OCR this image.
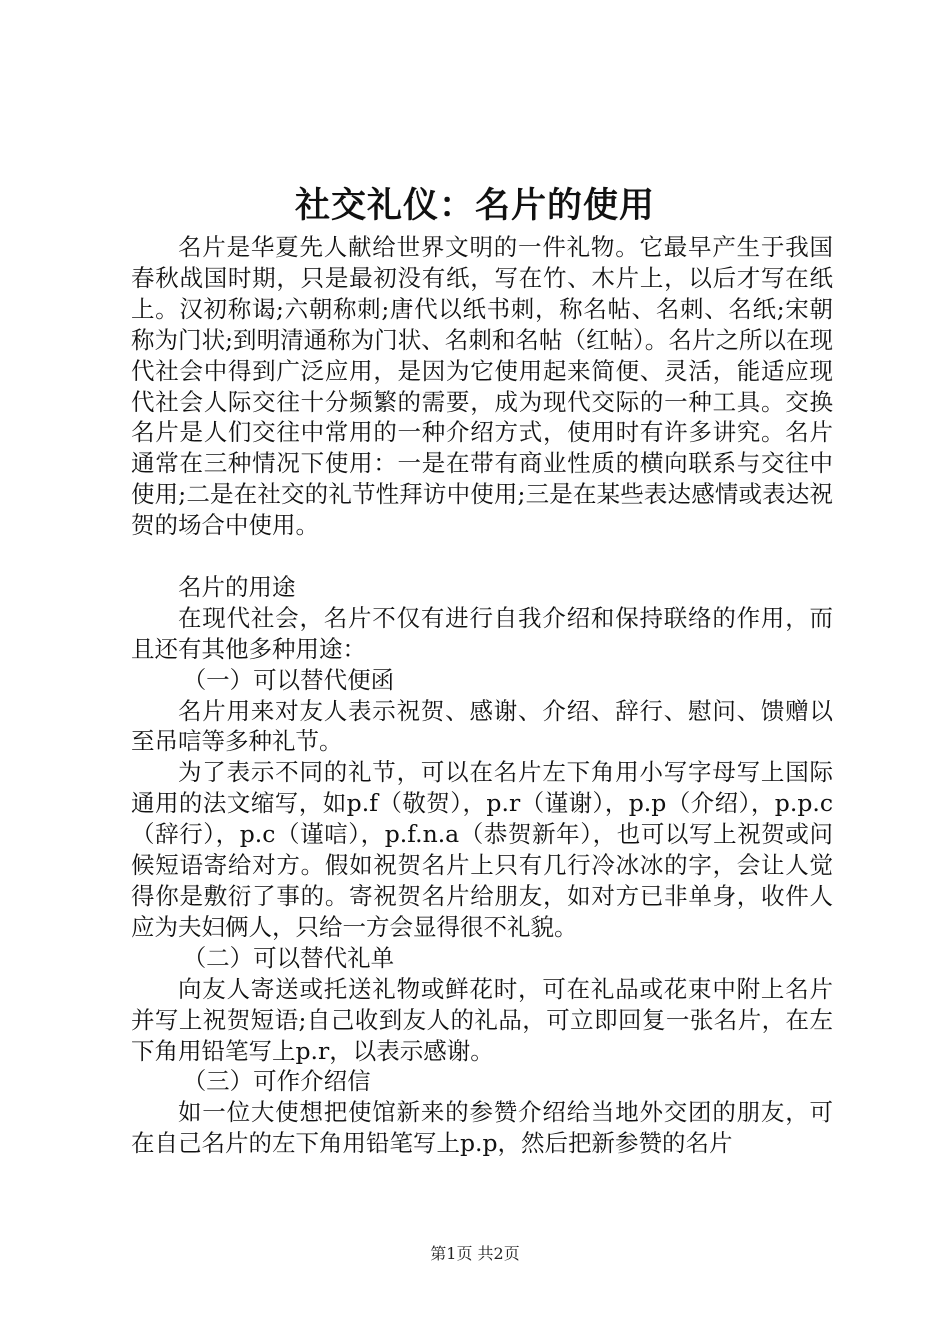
社交礼仪：名片的使用

名片是华夏先人献给世界文明的一件礼物。它最早产生于我国春秋战国时期，只是最初没有纸，写在竹、木片上，以后才写在纸上。汉初称谒;六朝称刺;唐代以纸书刺，称名帖、名刺、名纸;宋朝称为门状;到明清通称为门状、名刺和名帖（红帖）。名片之所以在现代社会中得到广泛应用，是因为它使用起来简便、灵活，能适应现代社会人际交往十分频繁的需要，成为现代交际的一种工具。交换名片是人们交往中常用的一种介绍方式，使用时有许多讲究。名片通常在三种情况下使用：一是在带有商业性质的横向联系与交往中使用;二是在社交的礼节性拜访中使用;三是在某些表达感情或表达祝贺的场合中使用。

名片的用途

在现代社会，名片不仅有进行自我介绍和保持联络的作用，而且还有其他多种用途：

（一）可以替代便函

名片用来对友人表示祝贺、感谢、介绍、辞行、慰问、馈赠以至吊唁等多种礼节。

为了表示不同的礼节，可以在名片左下角用小写字母写上国际通用的法文缩写，如p.f（敬贺），p.r（谨谢），p.p（介绍），p.p.c（辞行），p.c（谨唁），p.f.n.a（恭贺新年），也可以写上祝贺或问候短语寄给对方。假如祝贺名片上只有几行冷冰冰的字，会让人觉得你是敷衍了事的。寄祝贺名片给朋友，如对方已非单身，收件人应为夫妇俩人，只给一方会显得很不礼貌。

（二）可以替代礼单

向友人寄送或托送礼物或鲜花时，可在礼品或花束中附上名片并写上祝贺短语;自己收到友人的礼品，可立即回复一张名片，在左下角用铅笔写上p.r，以表示感谢。

（三）可作介绍信

如一位大使想把使馆新来的参赞介绍给当地外交团的朋友，可在自己名片的左下角用铅笔写上p.p，然后把新参赞的名片

第1页 共2页
